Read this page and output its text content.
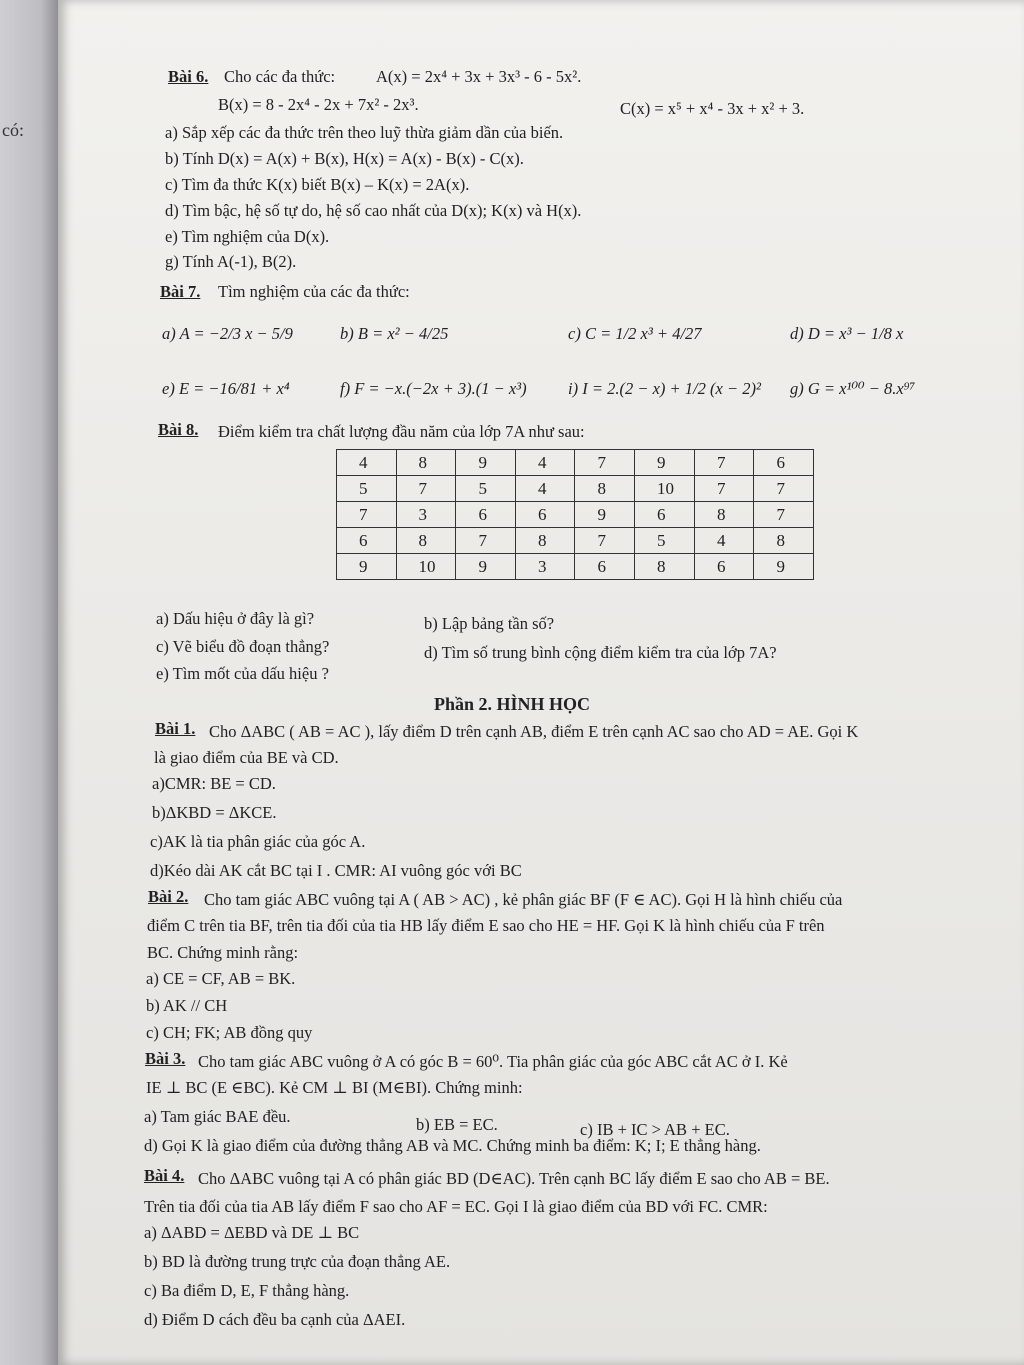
có:
Bài 6. Cho các đa thức: A(x) = 2x⁴ + 3x + 3x³ - 6 - 5x².
B(x) = 8 - 2x⁴ - 2x + 7x² - 2x³.	C(x) = x⁵ + x⁴ - 3x + x² + 3.
a) Sắp xếp các đa thức trên theo luỹ thừa giảm dần của biến.
b) Tính D(x) = A(x) + B(x), H(x) = A(x) - B(x) - C(x).
c) Tìm đa thức K(x) biết B(x) – K(x) = 2A(x).
d) Tìm bậc, hệ số tự do, hệ số cao nhất của D(x); K(x) và H(x).
e) Tìm nghiệm của D(x).
g) Tính A(-1), B(2).
Bài 7. Tìm nghiệm của các đa thức:
a) A = −2/3 x − 5/9	b) B = x² − 4/25	c) C = 1/2 x³ + 4/27	d) D = x³ − 1/8 x
e) E = −16/81 + x⁴	f) F = −x.(−2x + 3).(1 − x³)	i) I = 2.(2 − x) + 1/2 (x − 2)² g) G = x¹⁰⁰ − 8.x⁹⁷
Bài 8. Điểm kiểm tra chất lượng đầu năm của lớp 7A như sau:
4	8	9	4	7	9	7	6
5	7	5	4	8	10	7	7
7	3	6	6	9	6	8	7
6	8	7	8	7	5	4	8
9	10	9	3	6	8	6	9
a) Dấu hiệu ở đây là gì?	b) Lập bảng tần số?
c) Vẽ biểu đồ đoạn thẳng?	d) Tìm số trung bình cộng điểm kiểm tra của lớp 7A?
e) Tìm mốt của dấu hiệu ?
Phần 2. HÌNH HỌC
Bài 1. Cho ΔABC ( AB = AC ), lấy điểm D trên cạnh AB, điểm E trên cạnh AC sao cho AD = AE. Gọi K
là giao điểm của BE và CD.
a)CMR: BE = CD.
b)ΔKBD = ΔKCE.
c)AK là tia phân giác của góc A.
d)Kéo dài AK cắt BC tại I . CMR: AI vuông góc với BC
Bài 2. Cho tam giác ABC vuông tại A ( AB > AC) , kẻ phân giác BF (F ∈ AC). Gọi H là hình chiếu của
điểm C trên tia BF, trên tia đối của tia HB lấy điểm E sao cho HE = HF. Gọi K là hình chiếu của F trên
BC. Chứng minh rằng:
a) CE = CF, AB = BK.
b) AK // CH
c) CH; FK; AB đồng quy
Bài 3. Cho tam giác ABC vuông ở A có góc B = 60⁰. Tia phân giác của góc ABC cắt AC ở I. Kẻ
IE ⊥ BC (E ∈BC). Kẻ CM ⊥ BI (M∈BI). Chứng minh:
a) Tam giác BAE đều.	b) EB = EC.	c) IB + IC > AB + EC.
d) Gọi K là giao điểm của đường thẳng AB và MC. Chứng minh ba điểm: K; I; E thẳng hàng.
Bài 4. Cho ΔABC vuông tại A có phân giác BD (D∈AC). Trên cạnh BC lấy điểm E sao cho AB = BE.
Trên tia đối của tia AB lấy điểm F sao cho AF = EC. Gọi I là giao điểm của BD với FC. CMR:
a) ΔABD = ΔEBD và DE ⊥ BC
b) BD là đường trung trực của đoạn thẳng AE.
c) Ba điểm D, E, F thẳng hàng.
d) Điểm D cách đều ba cạnh của ΔAEI.
